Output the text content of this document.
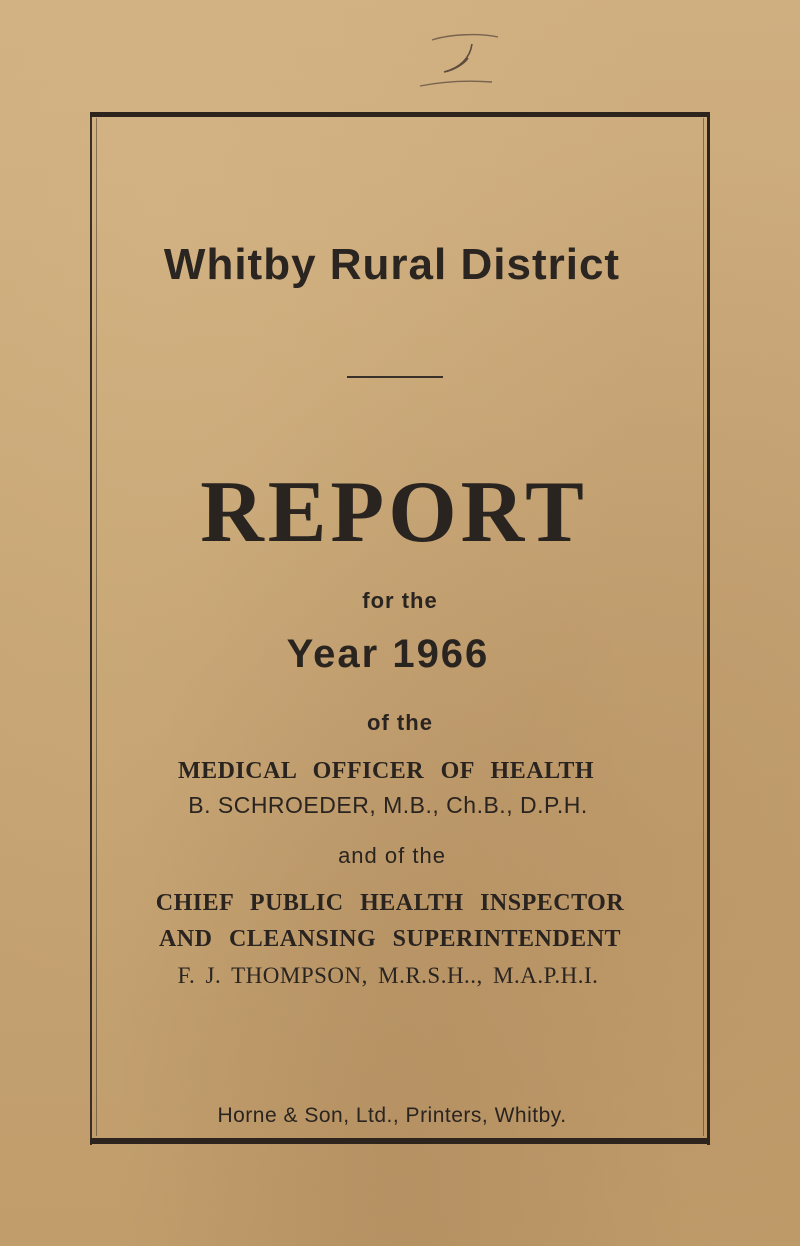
Whitby Rural District
REPORT

for the

Year 1966

of the

MEDICAL OFFICER OF HEALTH

B. SCHROEDER, M.B., Ch.B., D.P.H.

and of the

CHIEF PUBLIC HEALTH INSPECTOR

AND CLEANSING SUPERINTENDENT

F. J. THOMPSON, M.R.S.H.., M.A.P.H.I.

Horne & Son, Ltd., Printers, Whitby.
